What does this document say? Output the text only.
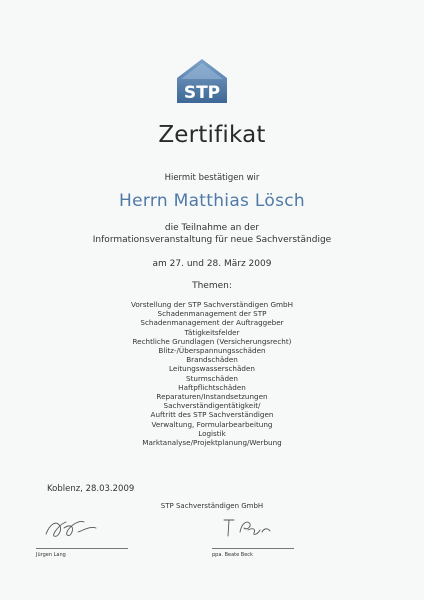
STP
Zertifikat
Hiermit bestätigen wir
Herrn Matthias Lösch
die Teilnahme an der
Informationsveranstaltung für neue Sachverständige
am 27. und 28. März 2009
Themen:
Vorstellung der STP Sachverständigen GmbH
Schadenmanagement der STP
Schadenmanagement der Auftraggeber
Tätigkeitsfelder
Rechtliche Grundlagen (Versicherungsrecht)
Blitz-/Überspannungsschäden
Brandschäden
Leitungswasserschäden
Sturmschäden
Haftpflichtschäden
Reparaturen/Instandsetzungen
Sachverständigentätigkeit/
Auftritt des STP Sachverständigen
Verwaltung, Formularbearbeitung
Logistik
Marktanalyse/Projektplanung/Werbung
Koblenz, 28.03.2009
STP Sachverständigen GmbH
Jürgen Lang	ppa. Beate Beck
